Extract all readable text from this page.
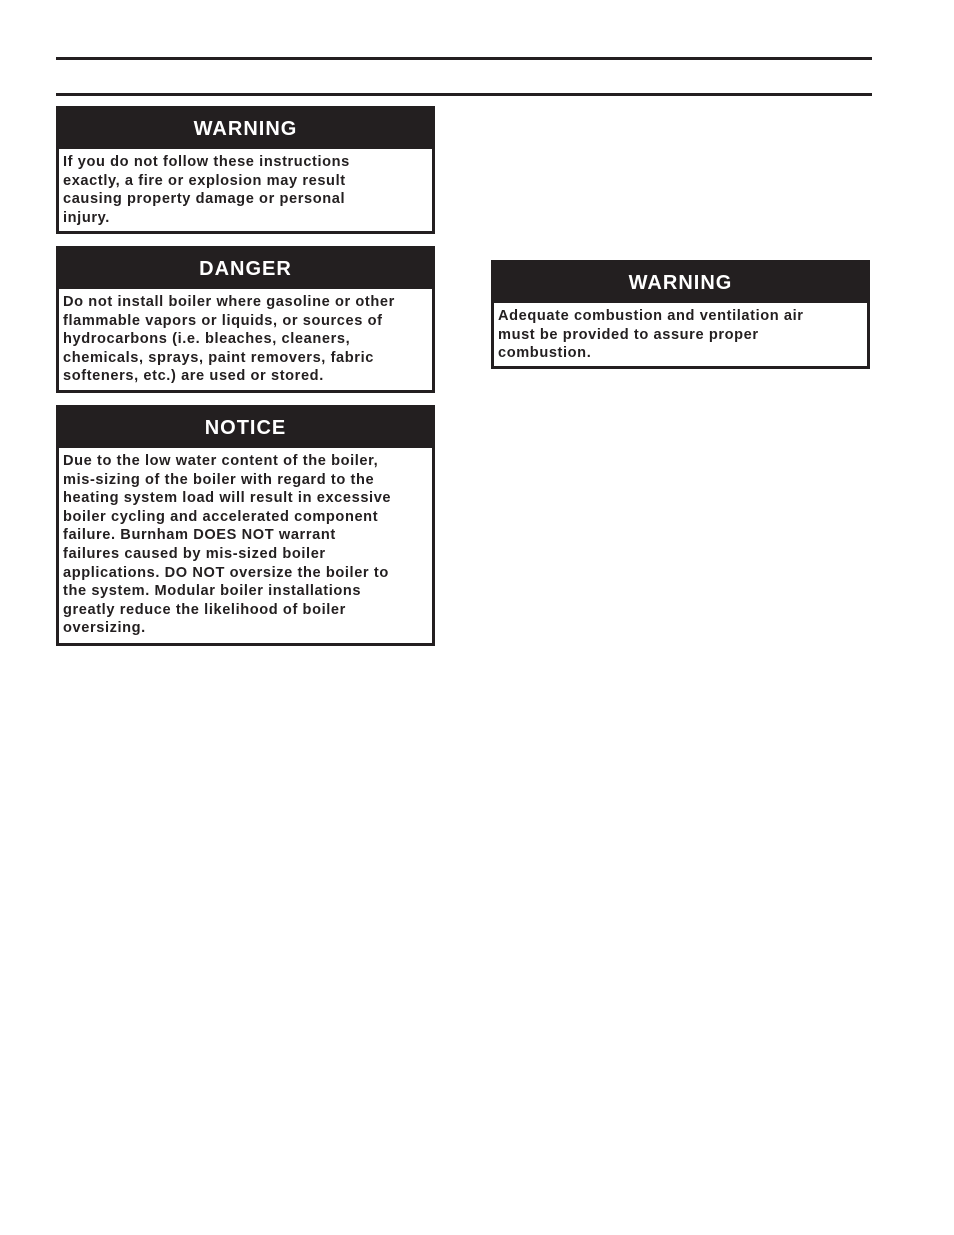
WARNING

If you do not follow these instructions
exactly, a fire or explosion may result
causing property damage or personal
injury.

DANGER

Do not install boiler where gasoline or other
flammable vapors or liquids, or sources of
hydrocarbons (i.e. bleaches, cleaners,
chemicals, sprays, paint removers, fabric
softeners, etc.) are used or stored.

NOTICE

Due to the low water content of the boiler,
mis-sizing of the boiler with regard to the
heating system load will result in excessive
boiler cycling and accelerated component
failure. Burnham DOES NOT warrant
failures caused by mis-sized boiler
applications. DO NOT oversize the boiler to
the system. Modular boiler installations
greatly reduce the likelihood of boiler
oversizing.

WARNING

Adequate combustion and ventilation air
must be provided to assure proper
combustion.
